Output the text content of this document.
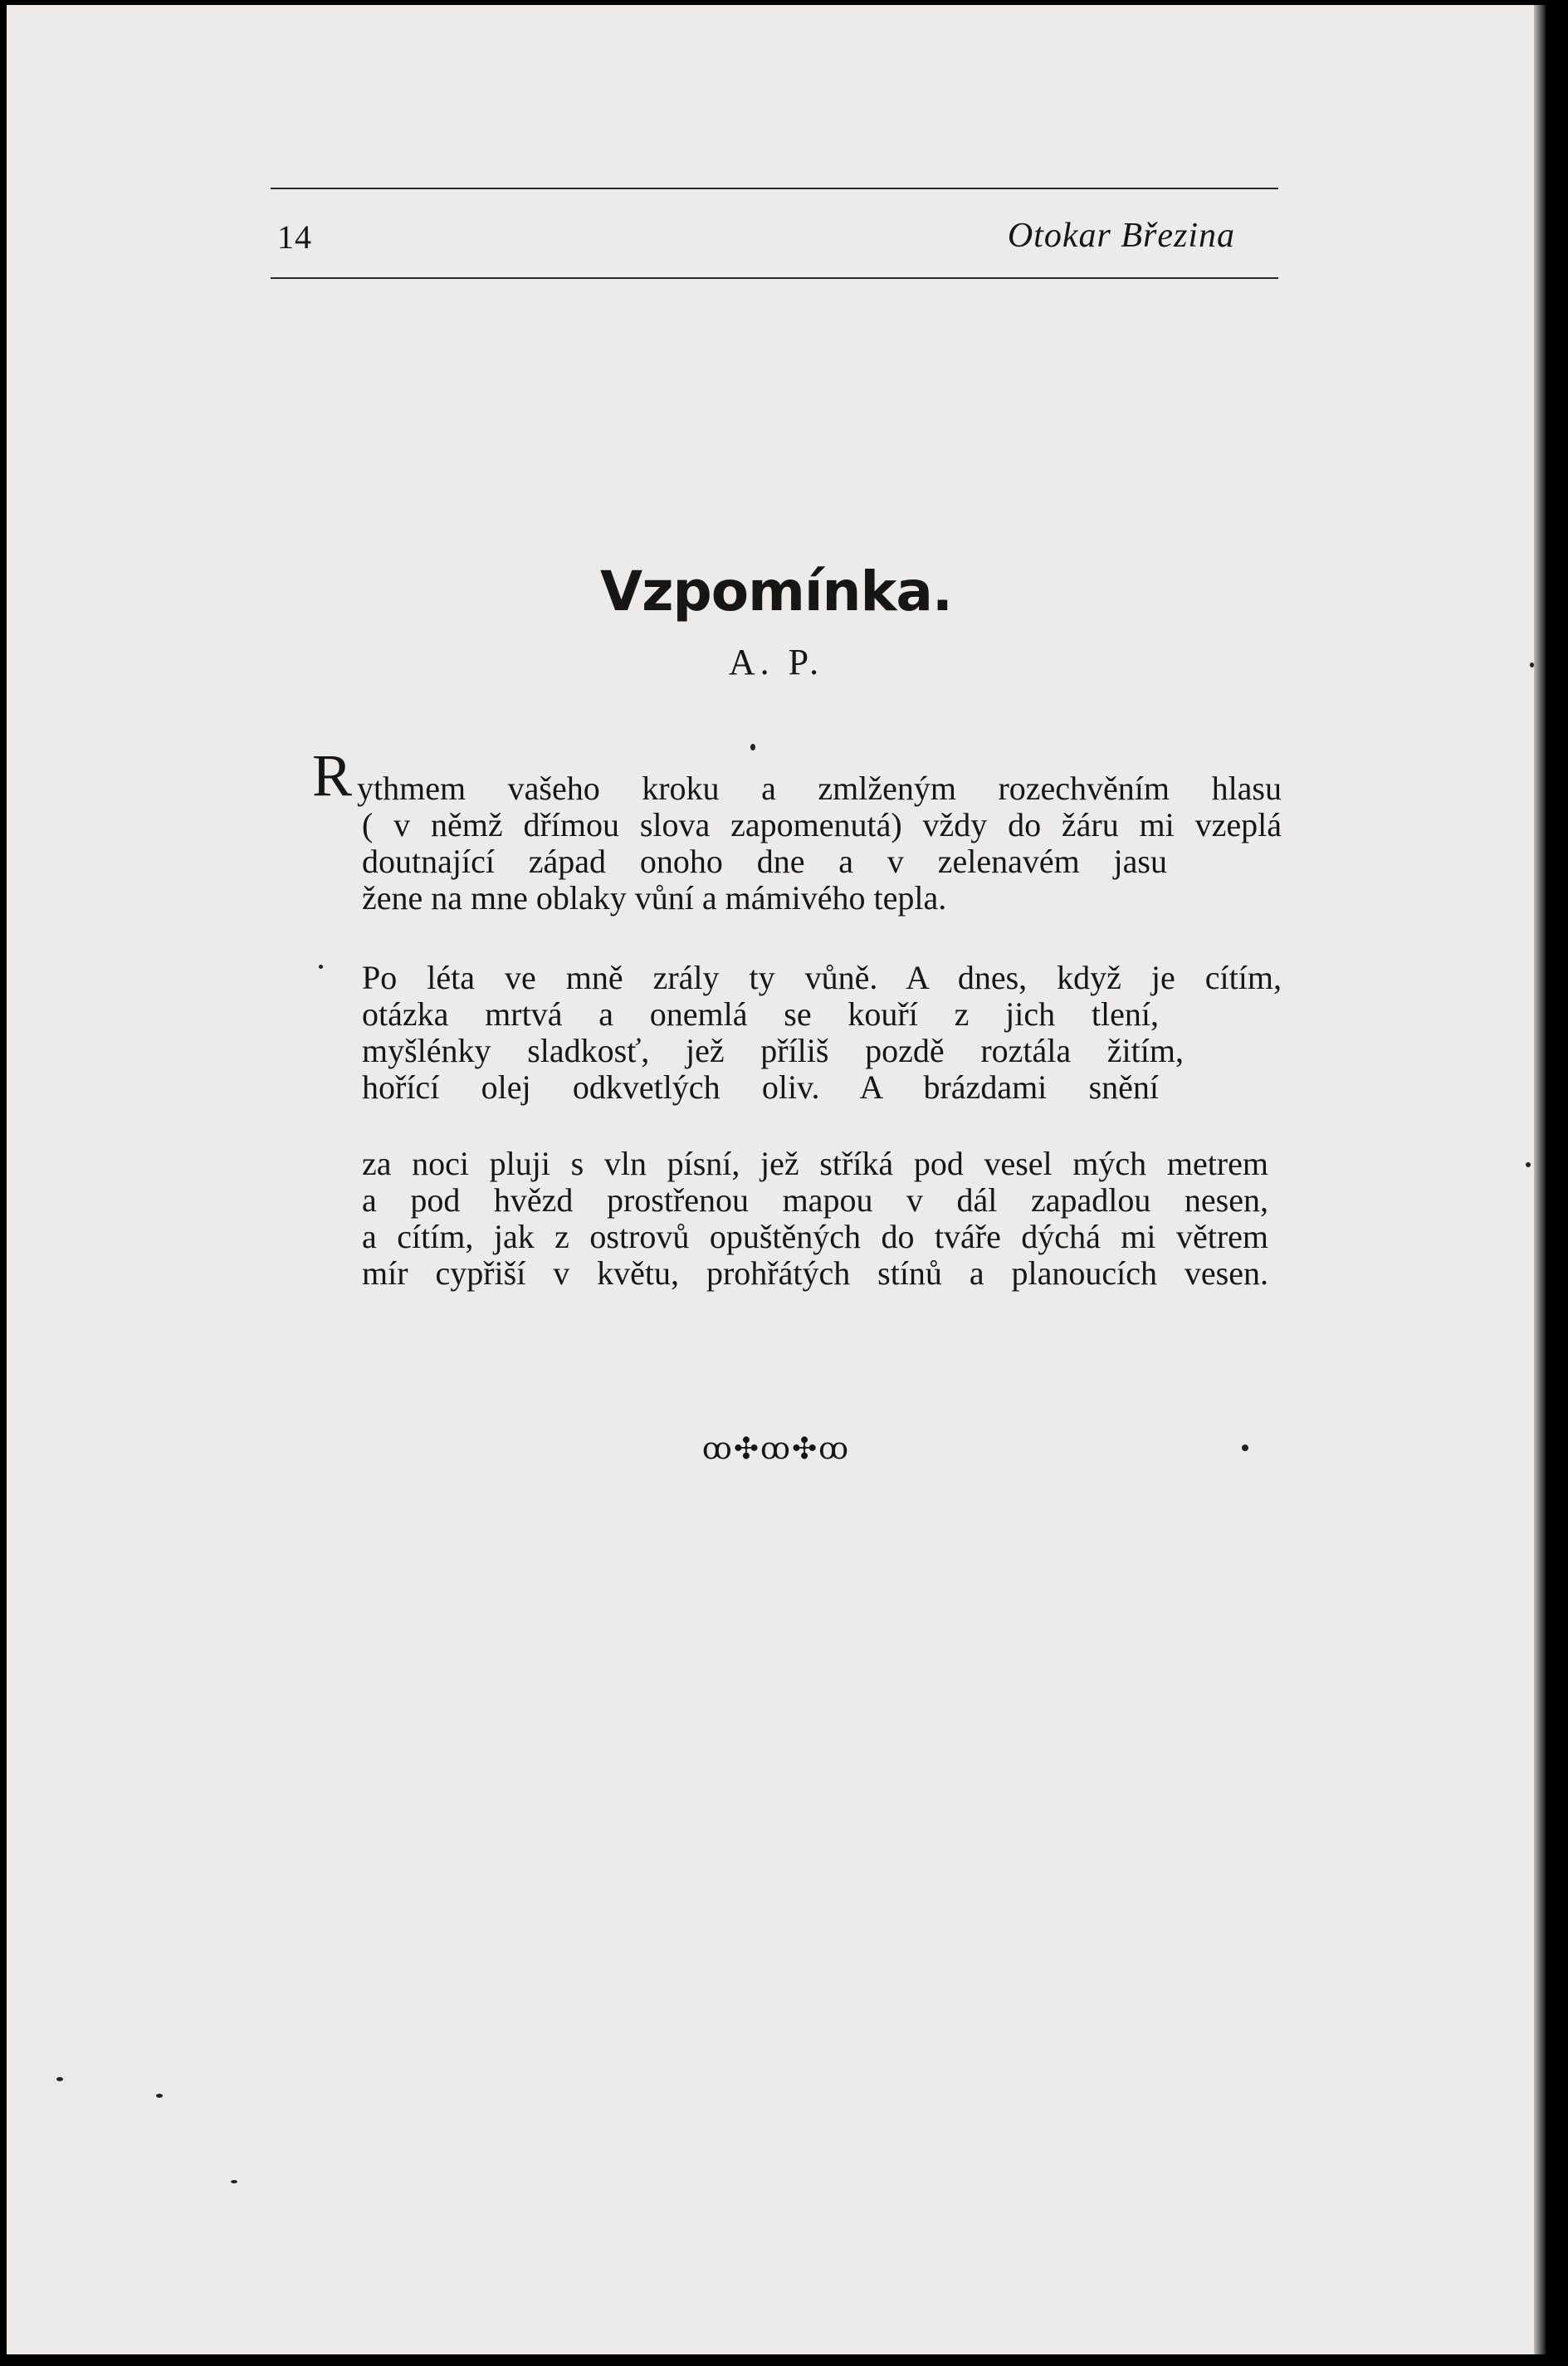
14	Otokar Březina
Vzpomínka.
A. P.
R ythmem vašeho kroku a zmlženým rozechvěním hlasu
( v němž dřímou slova zapomenutá) vždy do žáru mi vzeplá
doutnající západ onoho dne a v zelenavém jasu
žene na mne oblaky vůní a mámivého tepla.
Po léta ve mně zrály ty vůně. A dnes, když je cítím,
otázka mrtvá a onemlá se kouří z jich tlení,
myšlénky sladkosť, jež příliš pozdě roztála žitím,
hořící olej odkvetlých oliv. A brázdami snění
za noci pluji s vln písní, jež stříká pod vesel mých metrem
a pod hvězd prostřenou mapou v dál zapadlou nesen,
a cítím, jak z ostrovů opuštěných do tváře dýchá mi větrem
mír cypřiší v květu, prohřátých stínů a planoucích vesen.
ꝏ✣ꝏ✣ꝏ
